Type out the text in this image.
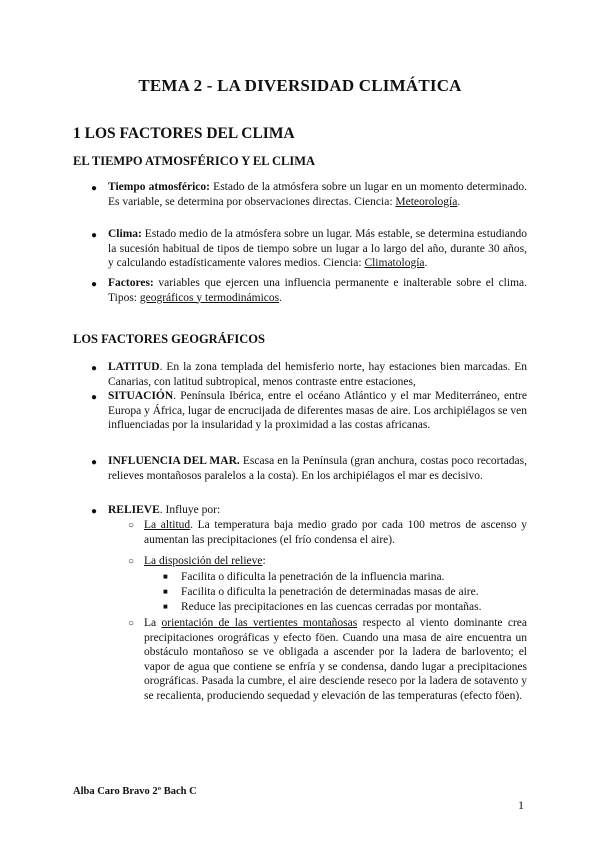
TEMA 2 - LA DIVERSIDAD CLIMÁTICA
1 LOS FACTORES DEL CLIMA
EL TIEMPO ATMOSFÉRICO Y EL CLIMA
● Tiempo atmosférico: Estado de la atmósfera sobre un lugar en un momento determinado. Es variable, se determina por observaciones directas. Ciencia: Meteorología.
● Clima: Estado medio de la atmósfera sobre un lugar. Más estable, se determina estudiando la sucesión habitual de tipos de tiempo sobre un lugar a lo largo del año, durante 30 años, y calculando estadísticamente valores medios. Ciencia: Climatología.
● Factores: variables que ejercen una influencia permanente e inalterable sobre el clima. Tipos: geográficos y termodinámicos.
LOS FACTORES GEOGRÁFICOS
● LATITUD. En la zona templada del hemisferio norte, hay estaciones bien marcadas. En Canarias, con latitud subtropical, menos contraste entre estaciones,
● SITUACIÓN. Península Ibérica, entre el océano Atlántico y el mar Mediterráneo, entre Europa y África, lugar de encrucijada de diferentes masas de aire. Los archipiélagos se ven influenciadas por la insularidad y la proximidad a las costas africanas.
● INFLUENCIA DEL MAR. Escasa en la Península (gran anchura, costas poco recortadas, relieves montañosos paralelos a la costa). En los archipiélagos el mar es decisivo.
● RELIEVE. Influye por:
○ La altitud. La temperatura baja medio grado por cada 100 metros de ascenso y aumentan las precipitaciones (el frío condensa el aire).
○ La disposición del relieve:
■ Facilita o dificulta la penetración de la influencia marina.
■ Facilita o dificulta la penetración de determinadas masas de aire.
■ Reduce las precipitaciones en las cuencas cerradas por montañas.
○ La orientación de las vertientes montañosas respecto al viento dominante crea precipitaciones orográficas y efecto föen. Cuando una masa de aire encuentra un obstáculo montañoso se ve obligada a ascender por la ladera de barlovento; el vapor de agua que contiene se enfría y se condensa, dando lugar a precipitaciones orográficas. Pasada la cumbre, el aire desciende reseco por la ladera de sotavento y se recalienta, produciendo sequedad y elevación de las temperaturas (efecto föen).
Alba Caro Bravo 2º Bach C
1
